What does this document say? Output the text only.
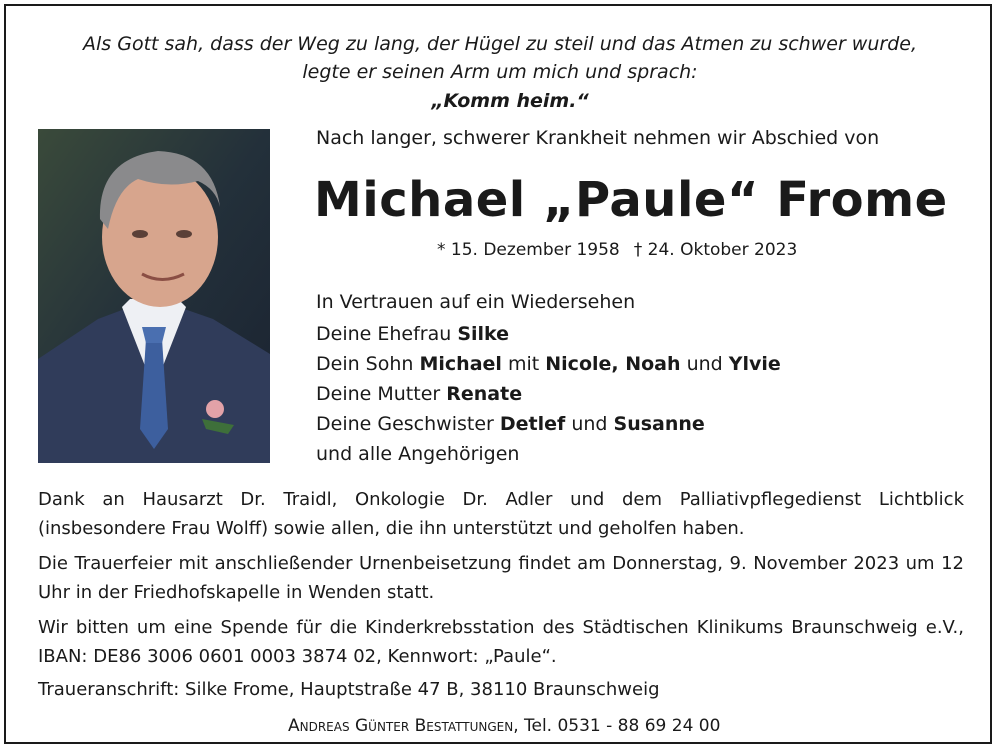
Als Gott sah, dass der Weg zu lang, der Hügel zu steil und das Atmen zu schwer wurde,
legte er seinen Arm um mich und sprach:
„Komm heim.“
Nach langer, schwerer Krankheit nehmen wir Abschied von
Michael „Paule“ Frome
* 15. Dezember 1958 † 24. Oktober 2023
In Vertrauen auf ein Wiedersehen
Deine Ehefrau Silke
Dein Sohn Michael mit Nicole, Noah und Ylvie
Deine Mutter Renate
Deine Geschwister Detlef und Susanne
und alle Angehörigen
Dank an Hausarzt Dr. Traidl, Onkologie Dr. Adler und dem Palliativpflegedienst Lichtblick (insbesondere Frau Wolff) sowie allen, die ihn unterstützt und geholfen haben.
Die Trauerfeier mit anschließender Urnenbeisetzung findet am Donnerstag, 9. November 2023 um 12 Uhr in der Friedhofskapelle in Wenden statt.
Wir bitten um eine Spende für die Kinderkrebsstation des Städtischen Klinikums Braunschweig e.V., IBAN: DE86 3006 0601 0003 3874 02, Kennwort: „Paule“.
Traueranschrift: Silke Frome, Hauptstraße 47 B, 38110 Braunschweig
Andreas Günter Bestattungen, Tel. 0531 - 88 69 24 00
